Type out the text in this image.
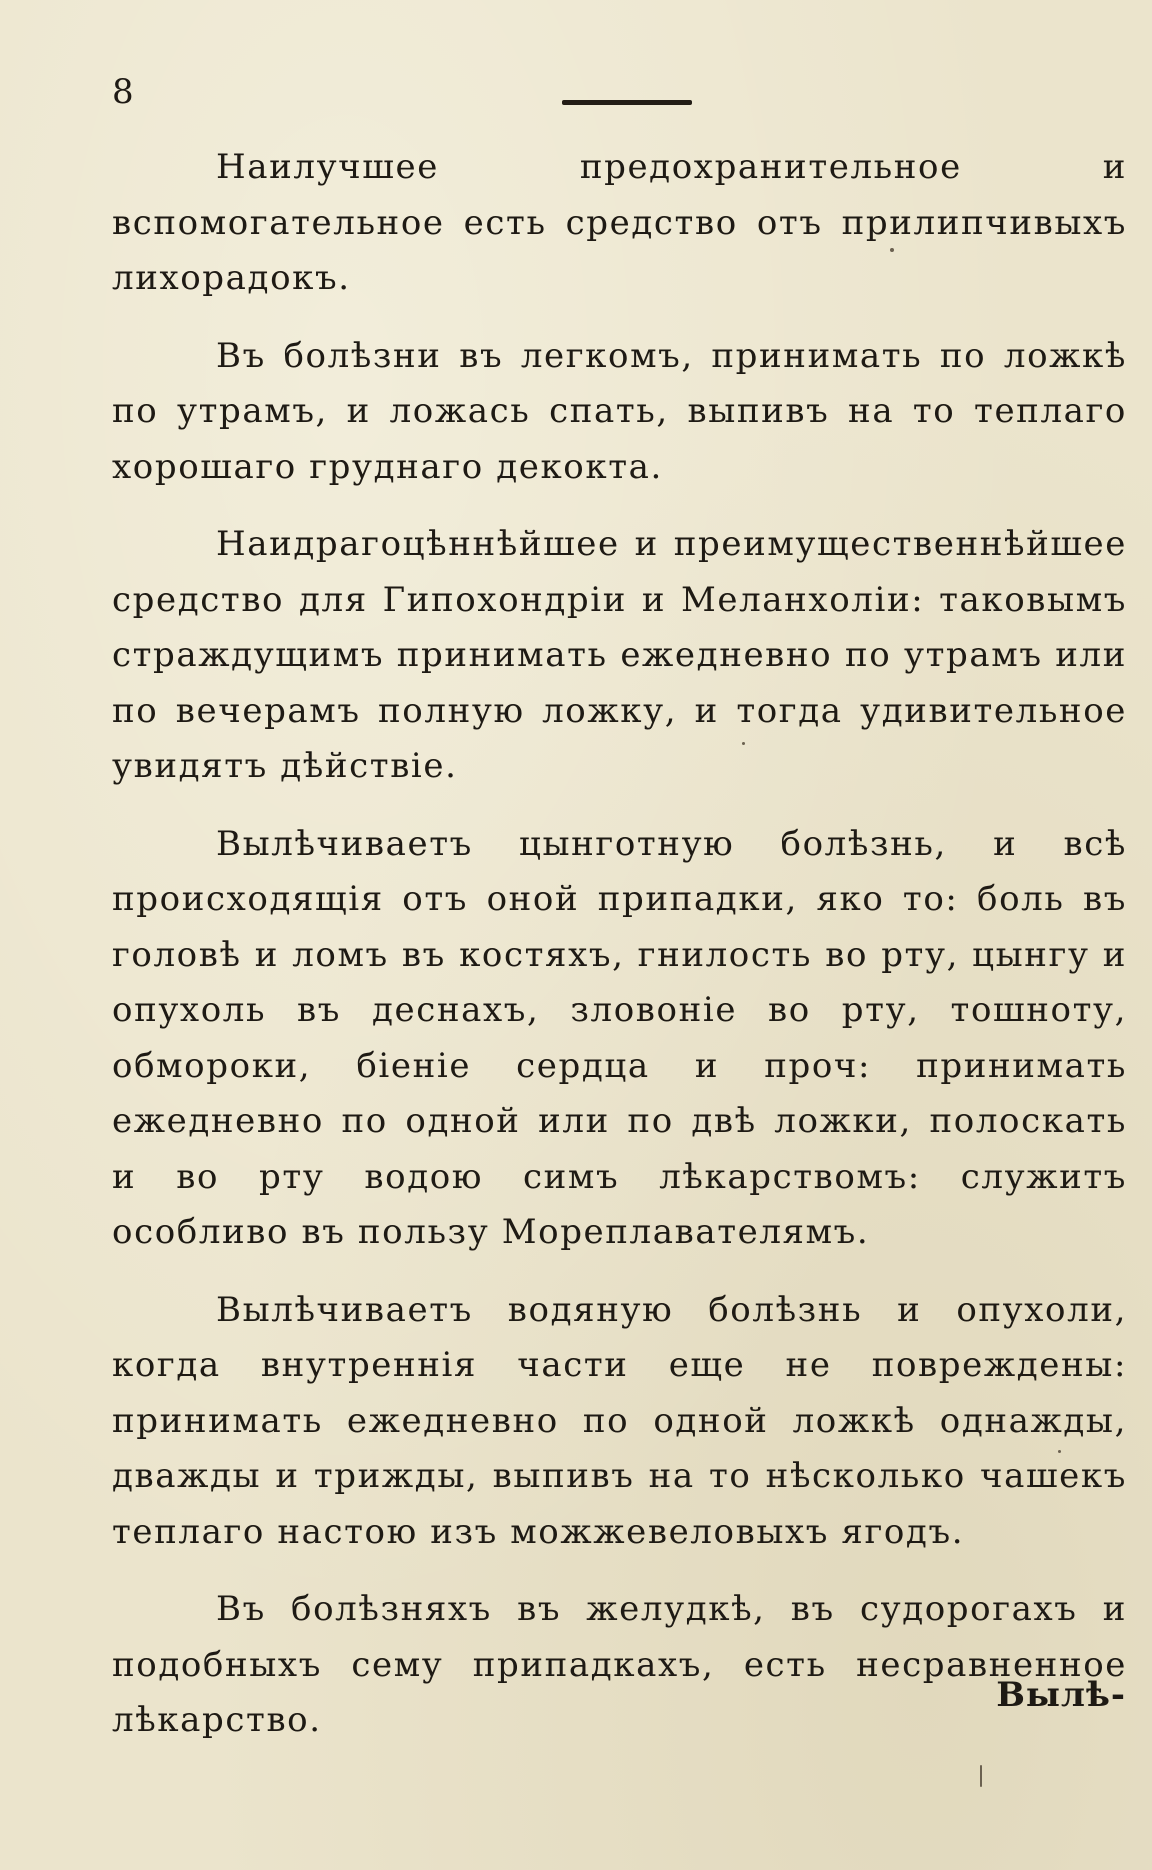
8

Наилучшее предохранительное и вспомогательное есть средство отъ прилипчивыхъ лихорадокъ.

Въ болѣзни въ легкомъ, принимать по ложкѣ по утрамъ, и ложась спать, выпивъ на то теплаго хорошаго груднаго декокта.

Наидрагоцѣннѣйшее и преимущественнѣйшее средство для Гипохондріи и Меланхоліи: таковымъ страждущимъ принимать ежедневно по утрамъ или по вечерамъ полную ложку, и тогда удивительное увидятъ дѣйствіе.

Вылѣчиваетъ цынготную болѣзнь, и всѣ происходящія отъ оной припадки, яко то: боль въ головѣ и ломъ въ костяхъ, гнилость во рту, цынгу и опухоль въ деснахъ, зловоніе во рту, тошноту, обмороки, біеніе сердца и проч: принимать ежедневно по одной или по двѣ ложки, полоскать и во рту водою симъ лѣкарствомъ: служитъ особливо въ пользу Мореплавателямъ.

Вылѣчиваетъ водяную болѣзнь и опухоли, когда внутреннія части еще не повреждены: принимать ежедневно по одной ложкѣ однажды, дважды и трижды, выпивъ на то нѣсколько чашекъ теплаго настою изъ можжевеловыхъ ягодъ.

Въ болѣзняхъ въ желудкѣ, въ судорогахъ и подобныхъ сему припадкахъ, есть несравненное лѣкарство.

Вылѣ-
